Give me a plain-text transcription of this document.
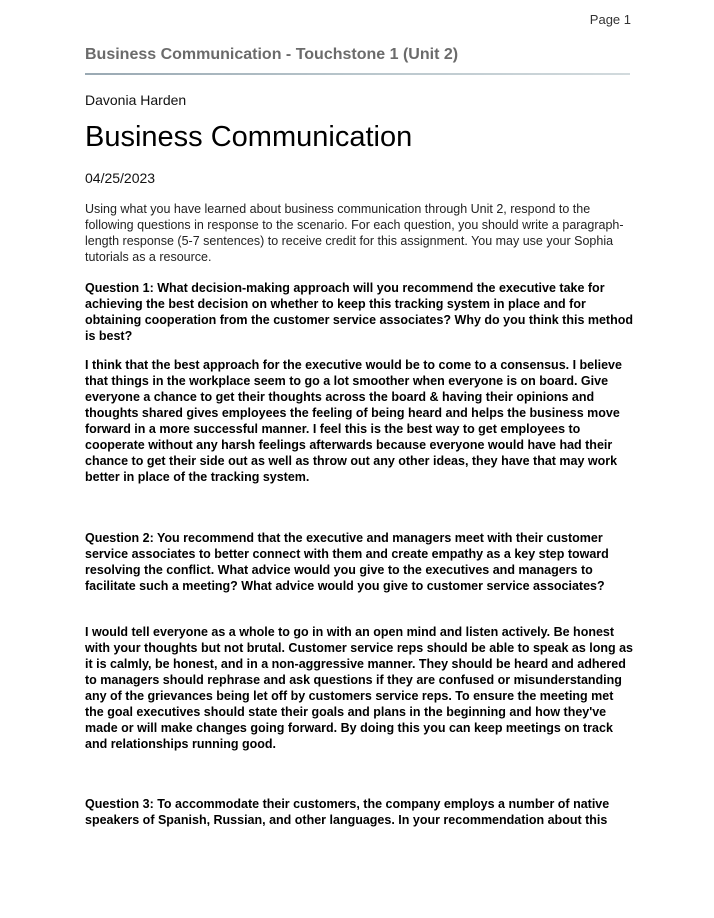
Page 1
Business Communication - Touchstone 1 (Unit 2)
Davonia Harden
Business Communication
04/25/2023
Using what you have learned about business communication through Unit 2, respond to the following questions in response to the scenario. For each question, you should write a paragraph-length response (5-7 sentences) to receive credit for this assignment. You may use your Sophia tutorials as a resource.
Question 1: What decision-making approach will you recommend the executive take for achieving the best decision on whether to keep this tracking system in place and for obtaining cooperation from the customer service associates? Why do you think this method is best?
I think that the best approach for the executive would be to come to a consensus. I believe that things in the workplace seem to go a lot smoother when everyone is on board. Give everyone a chance to get their thoughts across the board & having their opinions and thoughts shared gives employees the feeling of being heard and helps the business move forward in a more successful manner. I feel this is the best way to get employees to cooperate without any harsh feelings afterwards because everyone would have had their chance to get their side out as well as throw out any other ideas, they have that may work better in place of the tracking system.
Question 2: You recommend that the executive and managers meet with their customer service associates to better connect with them and create empathy as a key step toward resolving the conflict. What advice would you give to the executives and managers to facilitate such a meeting? What advice would you give to customer service associates?
I would tell everyone as a whole to go in with an open mind and listen actively. Be honest with your thoughts but not brutal. Customer service reps should be able to speak as long as it is calmly, be honest, and in a non-aggressive manner. They should be heard and adhered to managers should rephrase and ask questions if they are confused or misunderstanding any of the grievances being let off by customers service reps. To ensure the meeting met the goal executives should state their goals and plans in the beginning and how they've made or will make changes going forward. By doing this you can keep meetings on track and relationships running good.
Question 3: To accommodate their customers, the company employs a number of native speakers of Spanish, Russian, and other languages. In your recommendation about this
